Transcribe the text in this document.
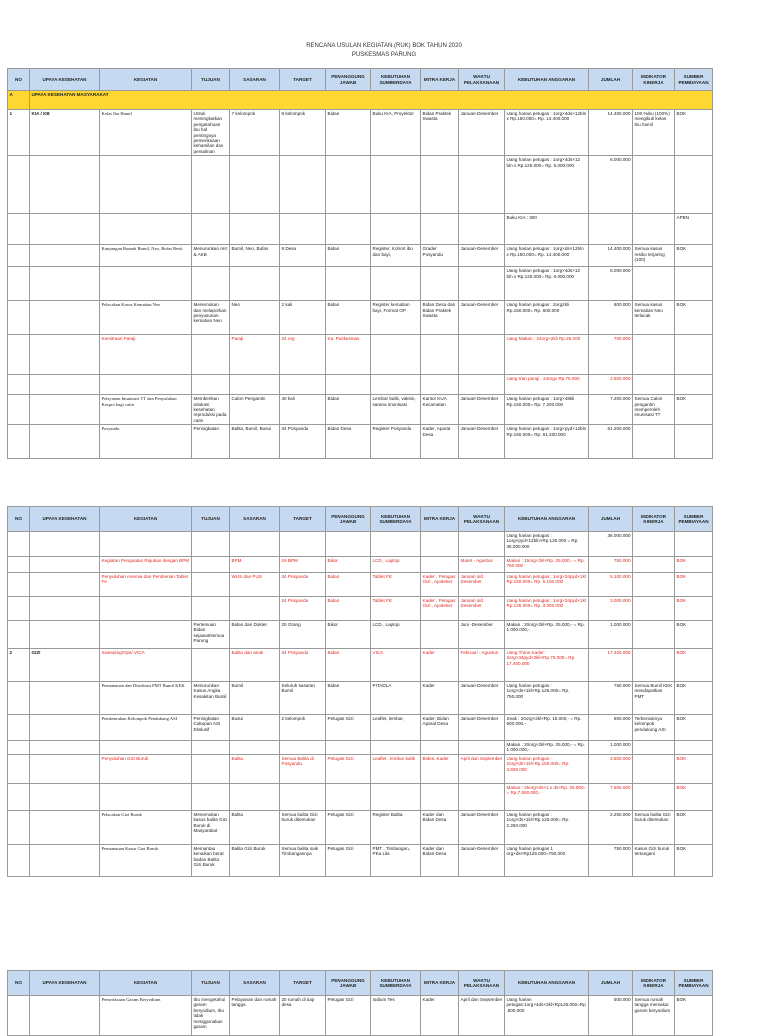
RENCANA USULAN KEGIATAN (RUK) BOK TAHUN 2020
PUSKESMAS PARUNG
NO	UPAYA KESEHATAN	KEGIATAN	TUJUAN	SASARAN	TARGET	PENANGGUNG JAWAB	KEBUTUHAN SUMBERDAYA	MITRA KERJA	WAKTU PELAKSANAAN	KEBUTUHAN ANGGARAN	JUMLAH	INDIKATOR KINERJA	SUMBER PEMBIAYAAN
A	UPAYA KESEHATAN MASYARAKAT												
1	KIA / KB	Kelas Ibu Hamil	Untuk meningkatkan pengetahuan ibu hal pentingnya pemeriksaan kehamilan dan persalinan	7 kelompok	8 kelompok	Bidan	Buku KIA, Proyektor	Bidan Praktek Swasta	Januari-Desember	Uang harian petugas : 1org×4ds×12bln x Rp.150.000= Rp. 14.400.000	14.400.000	100 %ibu (100%) mengikuti kelas ibu hamil	BOK
										Uang harian petugas : 1org×4ds×12 bln x Rp.125.000= Rp. 6.000.000	6.000.000		
										Buku KIA : 300			APBN
		Kunjungan Rumah Bumil, Neo, Bufas Resti	Menurunkan AKI & AKB	Bumil, Neo, Bufas	8 Desa	Bidan	Register, Kohort ibu dan bayi,	Grader Posyandu	Januari-Desember	Uang harian petugas : 1org×ds×12bln x Rp.150.000= Rp. 14.400.000	14.400.000	Semua kasus resiko terjaring (100)	BOK
										Uang harian petugas : 1org×4ds×12 bln x Rp.125.000= Rp. 6.000.000	6.000.000		
		Pelacakan Kasus Kematian Neo	Menemukan dan melaporkan penyusunan kematian Neo	Neo	2 kali	Bidan	Register kematian bayi, Format OP	Bidan Desa dan Bidan Praktek Swasta	Januari-Desember	Uang harian petugas : 2org2kli Rp.150.000= Rp. 600.000	600.000	Semua kasus kematian Neo terlacak	BOK
		Kemitraan Paraji		Paraji	24 org	Ka. Puskesmas				Uang Makan : 24org×2kli Rp.25.000	700.000		
										Uang tran paraji : 24orgx Rp.75.000	2.500.000		
		Pelayanan Imunisasi TT dan Penyuluhan Kespro bagi catin	Memberikan edukasi kesehatan reproduksi pada catin	Calon Pengantin	40 kali	Bidan	Lembar balik, vaksin, sarana imunisasi	Kantor KUA Kecamatan	Januari-Desember	Uang harian petugas : 1org×48kli Rp.150.000= Rp. 7.200.000	7.200.000	Semua Calon pengantin memperoleh imunisasi TT	BOK
		Posyandu	Peningkatan	Balita, Bumil, Busui	34 Posyandu	Bidan Desa	Register Posyandu	Kader, Aparat Desa	Januari-Desember	Uang harian petugas : 1org×pyd×12bln Rp.150.000= Rp. 61.200.000	61.200.000		
NO	UPAYA KESEHATAN	KEGIATAN	TUJUAN	SASARAN	TARGET	PENANGGUNG JAWAB	KEBUTUHAN SUMBERDAYA	MITRA KERJA	WAKTU PELAKSANAAN	KEBUTUHAN ANGGARAN	JUMLAH	INDIKATOR KINERJA	SUMBER PEMBIAYAAN
										Uang harian petugas : 1org×pyd×12bln×Rp.125.000 = Rp. 36.000.000	36.000.000		
		Kegiatan Penguatan Rujukan dengan BPM		BPM	19 BPM	Bikor	LCD , Laptop		Maret - Agustus	Makan : 15org×2kl×Rp. 25.000,- = Rp. 750.000	750.000		BOK
		Penyuluhan Anemia dan Pemberian Tablet Fe		WUS dan PUS	34 Posyandu	Bidan	Tablet FE	Kader , Petugas Gizi , Apoteker	Januari s/d Desember	Uang harian petugas : 1org×34pyd×1kl Rp.150.000= Rp. 5.100.000	5.100.000		BOK
					24 Posyandu	Bidan	Tablet FE	Kader , Petugas Gizi , Apoteker	Januari s/d Desember	Uang harian petugas : 1org×34pyd×1kl Rp.125.000= Rp. 3.000.000	3.000.000		BOK
			Pertemuan Bidan sejawat/semua Parung	Bidan dan Dokter	20 Orang	Bikor	LCD , Laptop		Juni -Desember	Makan : 20org×2kl×Rp. 25.000,- = Rp. 1.000.000,-	1.000.000		BOK
2	GIZI	Sweeping/Ops/ VICA		Balita dan anak	34 Posyandu	Bidan	VICA	Kader	Februari - Agustus	Uang Trans Kader : 2org×34pyd×2kli×Rp.75.000= Rp. 17.400.000	17.400.000		BOK
		Pemantauan dan Distribusi PMT Bumil KEK	Menurunkan Kasus Angka Kesakitan Bumil	Bumil	Seluruh sasaran Bumil	Bidan	PITADLA	Kader	Januari-Desember	Uang harian petugas : 1org×ds×1kl×Rp.125.000= Rp. 750.000	750.000	Semua Bumil KEK mendapatkan PMT	BOK
		Pembentukan Kelompok Pendukung ASI	Peningkatan Cakupan ASI Ekslusif	Busui	2 kelompok	Petugas Gizi	Leaflet, lembar,	Kader, Bidan Aparat Desa	Januari-Desember	Snak : 20org×2kl×Rp. 15.000,- = Rp. 600.000,-	600.000	Terbentuknya kelompok pendukung ASI	BOK
										Makan : 20org×2kl×Rp. 25.000,- = Rp. 1.000.000,-	1.000.000		
		Penyuluhan Gizi Buruk		Balita	Semua Balita di Posyandu	Petugas Gizi	Leaflet , lembar balik	Bides, Kader	April dan September	Uang harian petugas : 2org×ds×1kl×Rp.150.000= Rp. 3.600.000	3.600.000		BOK
										Makan : 25org×ds×1 x ds×Rp. 25.000,- = Rp.7.500.000,-	7.500.000		BOK
		Pelacakan Gizi Buruk	Menemukan kasus balita Gizi Buruk di Masyarakat	Balita	Semua balita Gizi buruk ditemukan	Petugas Gizi	Register Balita	Kader dan Bidan Desa	Januari-Desember	Uang harian petugas : 1org×ds×1kl×Rp.125.000= Rp. 2.250.000	2.250.000	Semua balita Gizi buruk ditemukan	BOK
		Pemantauan Kasus Gizi Buruk	Memantau kenaikan berat badan Balita Gizi Buruk	Balita Gizi Buruk	Semua balita naik Timbangannya	Petugas Gizi	PMT , Timbangan, PKa Lila	Kader dan Bidan Desa	Januari-Desember	Uang harian petugas 1 org×ds×Rp125.000=750.000	750.000	Kasus Gizi buruk tertangani	BOK
NO	UPAYA KESEHATAN	KEGIATAN	TUJUAN	SASARAN	TARGET	PENANGGUNG JAWAB	KEBUTUHAN SUMBERDAYA	MITRA KERJA	WAKTU PELAKSANAAN	KEBUTUHAN ANGGARAN	JUMLAH	INDIKATOR KINERJA	SUMBER PEMBIAYAAN
		Pemeriksaan Garam Beryodium	Ibu mengetahui garam beryodium, Ibu tidak menggunakan garam	Pelayanan dan rumah tangga	20 rumah di tiap desa	Petugas Gizi	Iodium Tes	Kader	April dan September	Uang harian petugas:1org×4ds×2kl×Rp125.000=Rp.500.000	500.000	Semua rumah tangga memakai garam beryodium	BOK
